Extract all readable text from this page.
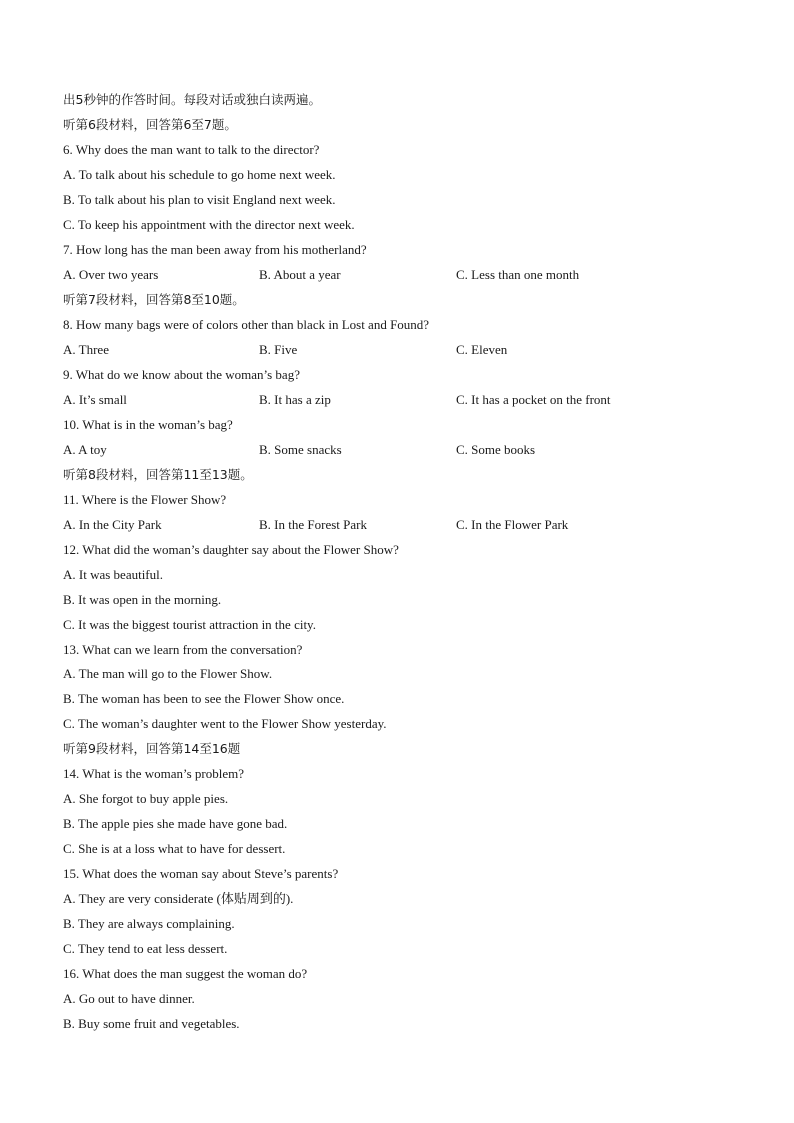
出5秒钟的作答时间。每段对话或独白读两遍。
听第6段材料，回答第6至7题。
6. Why does the man want to talk to the director?
A. To talk about his schedule to go home next week.
B. To talk about his plan to visit England next week.
C. To keep his appointment with the director next week.
7. How long has the man been away from his motherland?
A. Over two years	B. About a year	C. Less than one month
听第7段材料，回答第8至10题。
8. How many bags were of colors other than black in Lost and Found?
A. Three	B. Five	C. Eleven
9. What do we know about the woman’s bag?
A. It’s small	B. It has a zip	C. It has a pocket on the front
10. What is in the woman’s bag?
A. A toy	B. Some snacks	C. Some books
听第8段材料，回答第11至13题。
11. Where is the Flower Show?
A. In the City Park	B. In the Forest Park	C. In the Flower Park
12. What did the woman’s daughter say about the Flower Show?
A. It was beautiful.
B. It was open in the morning.
C. It was the biggest tourist attraction in the city.
13. What can we learn from the conversation?
A. The man will go to the Flower Show.
B. The woman has been to see the Flower Show once.
C. The woman’s daughter went to the Flower Show yesterday.
听第9段材料，回答第14至16题
14. What is the woman’s problem?
A. She forgot to buy apple pies.
B. The apple pies she made have gone bad.
C. She is at a loss what to have for dessert.
15. What does the woman say about Steve’s parents?
A. They are very considerate (体贴周到的).
B. They are always complaining.
C. They tend to eat less dessert.
16. What does the man suggest the woman do?
A. Go out to have dinner.
B. Buy some fruit and vegetables.
